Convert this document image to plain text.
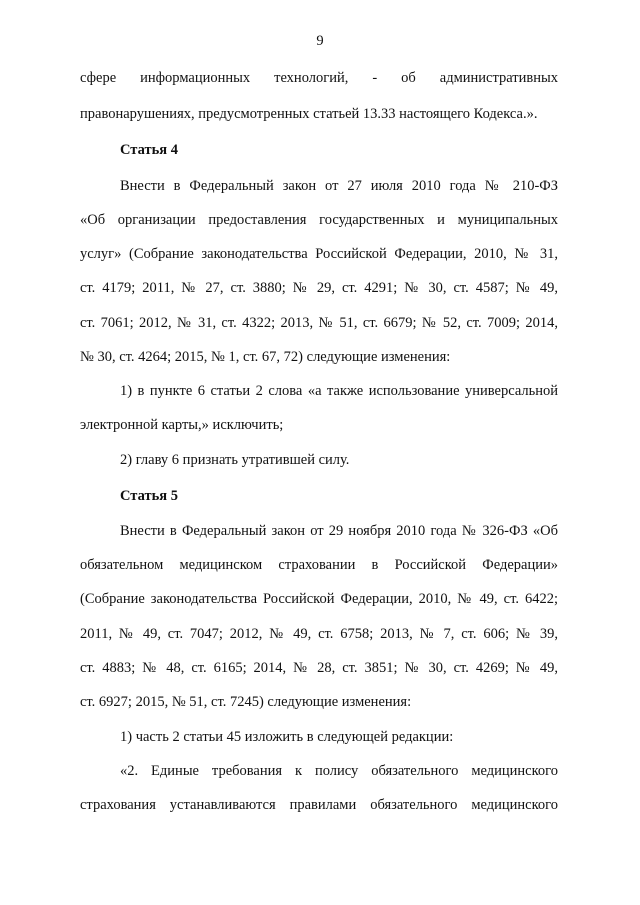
9
сфере информационных технологий, - об административных
правонарушениях, предусмотренных статьей 13.33 настоящего Кодекса.».
Статья 4
Внести в Федеральный закон от 27 июля 2010 года № 210-ФЗ
«Об организации предоставления государственных и муниципальных
услуг» (Собрание законодательства Российской Федерации, 2010, № 31,
ст. 4179; 2011, № 27, ст. 3880; № 29, ст. 4291; № 30, ст. 4587; № 49,
ст. 7061; 2012, № 31, ст. 4322; 2013, № 51, ст. 6679; № 52, ст. 7009; 2014,
№ 30, ст. 4264; 2015, № 1, ст. 67, 72) следующие изменения:
1) в пункте 6 статьи 2 слова «а также использование универсальной
электронной карты,» исключить;
2) главу 6 признать утратившей силу.
Статья 5
Внести в Федеральный закон от 29 ноября 2010 года № 326-ФЗ «Об
обязательном медицинском страховании в Российской Федерации»
(Собрание законодательства Российской Федерации, 2010, № 49, ст. 6422;
2011, № 49, ст. 7047; 2012, № 49, ст. 6758; 2013, № 7, ст. 606; № 39,
ст. 4883; № 48, ст. 6165; 2014, № 28, ст. 3851; № 30, ст. 4269; № 49,
ст. 6927; 2015, № 51, ст. 7245) следующие изменения:
1) часть 2 статьи 45 изложить в следующей редакции:
«2. Единые требования к полису обязательного медицинского
страхования устанавливаются правилами обязательного медицинского
